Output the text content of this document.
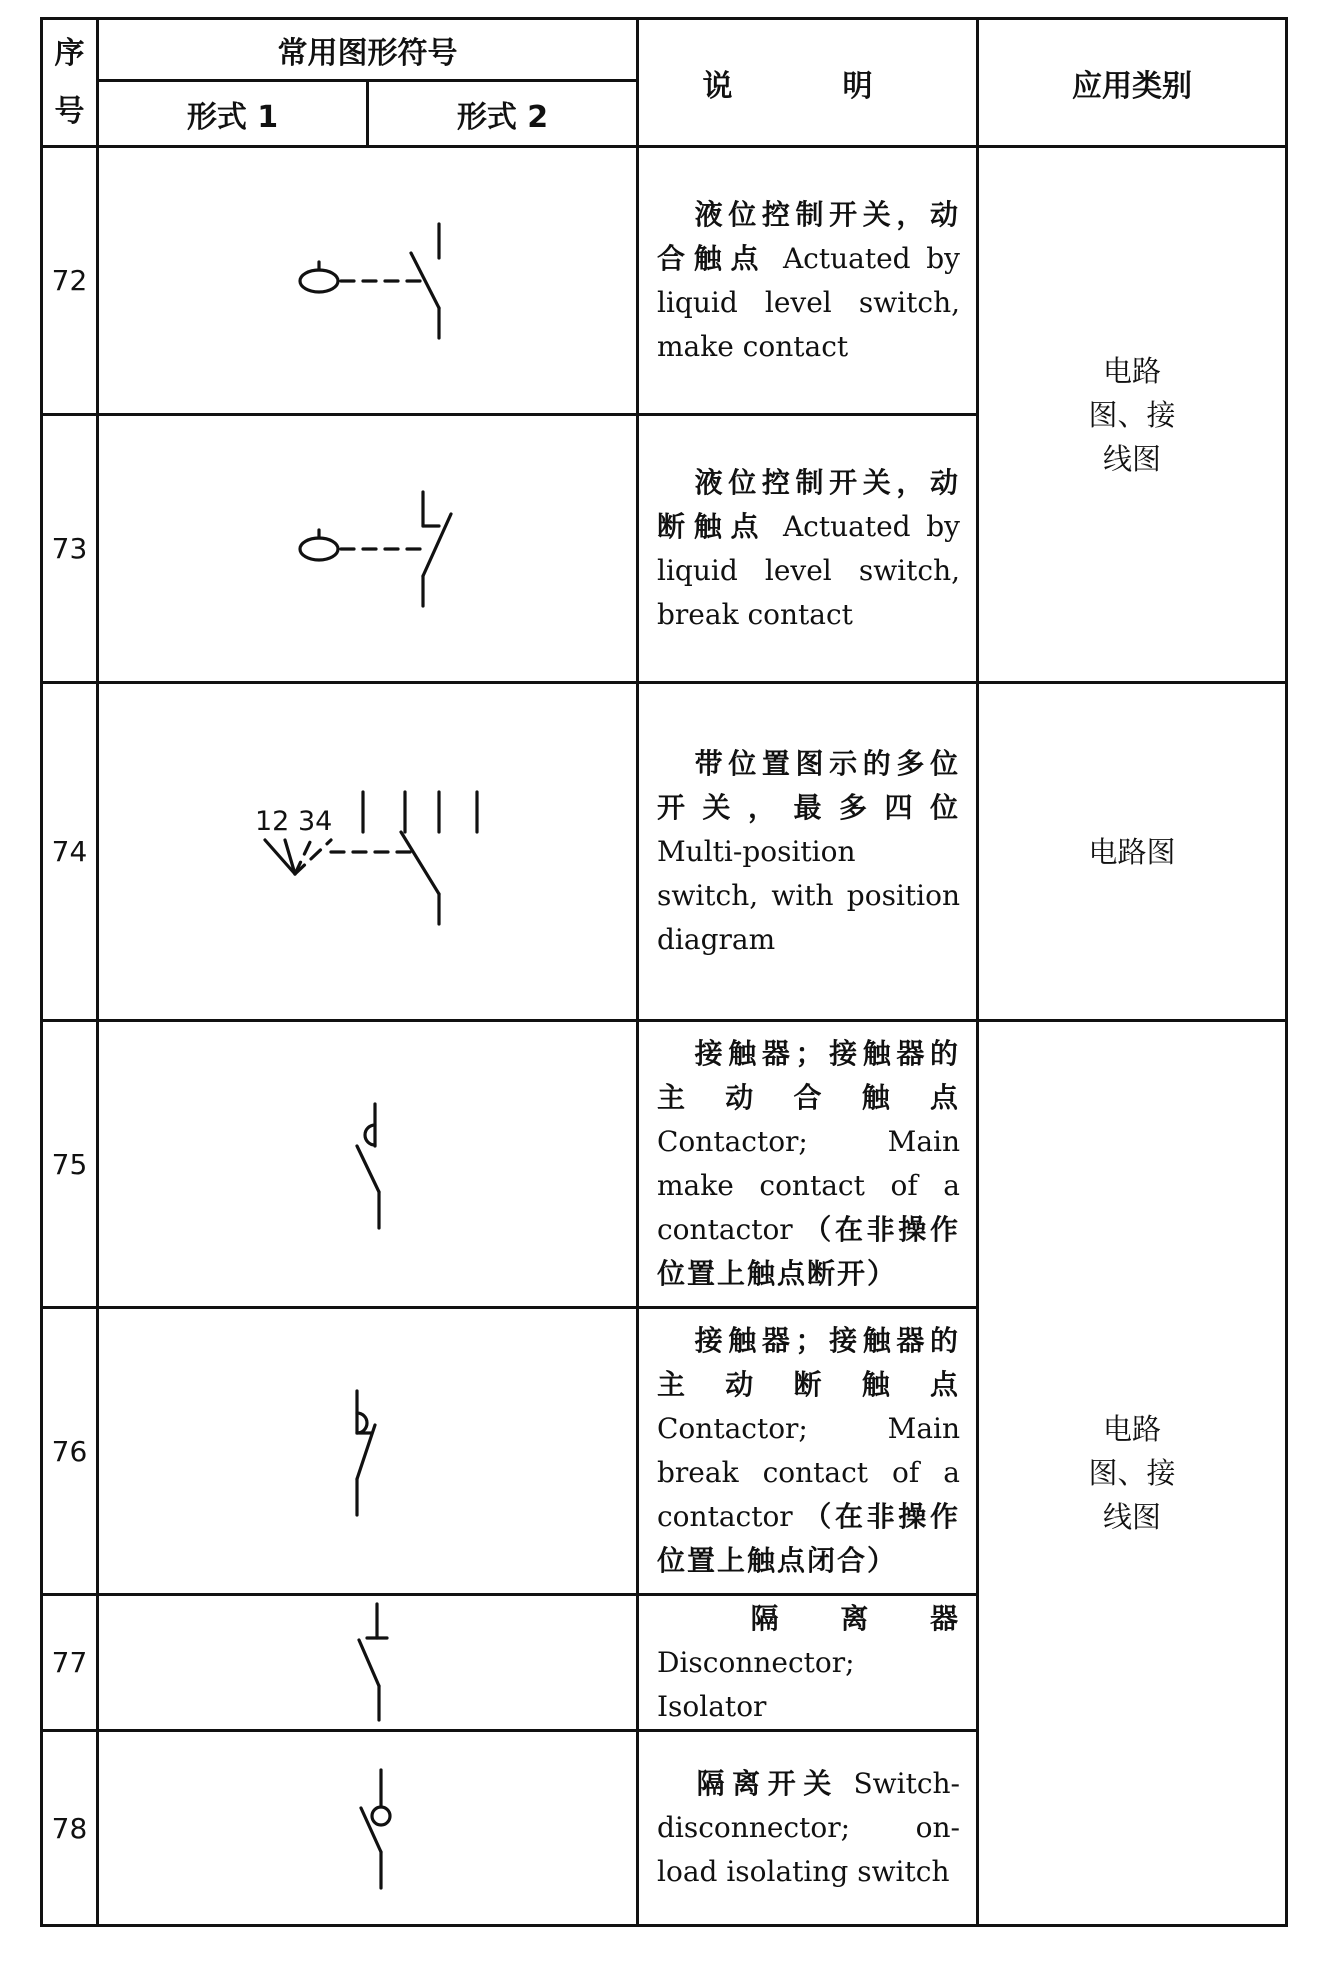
序
号	常用图形符号		说　明	应用类别
	形式 1	形式 2		
72			液位控制开关，动合触点 Actuated by liquid level switch, make contact	电路图、接线图

73			液位控制开关，动断触点 Actuated by liquid level switch, break contact	
74	12 34		带位置图示的多位开关，最多四位 Multi-position switch, with position diagram	电路图
75			接触器；接触器的主动合触点 Contactor; Main make contact of a contactor （在非操作位置上触点断开）	电路图、接线图

76			接触器；接触器的主动断触点 Contactor; Main break contact of a contactor （在非操作位置上触点闭合）	
77			隔离器 Disconnector; Isolator	
78			隔离开关 Switch-disconnector; on-load isolating switch	
